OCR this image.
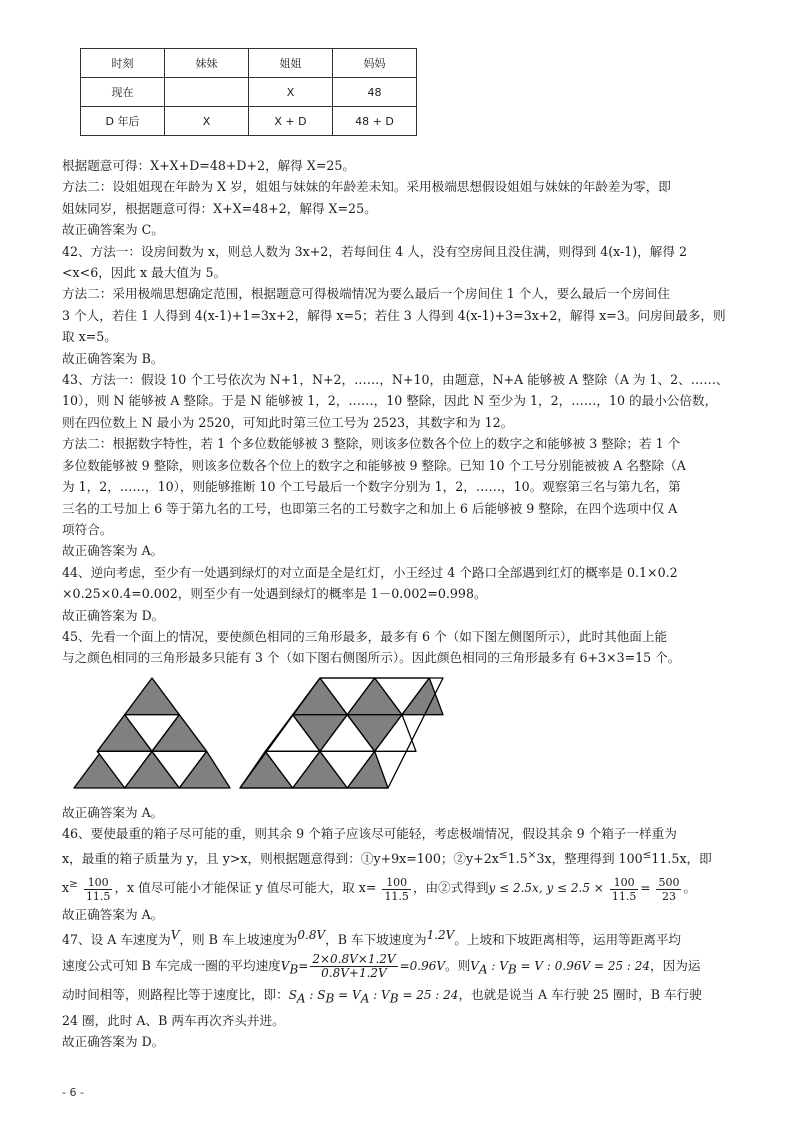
时刻	妹妹	姐姐	妈妈
现在		X	48
D 年后	X	X + D	48 + D

根据题意可得：X+X+D=48+D+2，解得 X=25。

方法二：设姐姐现在年龄为 X 岁，姐姐与妹妹的年龄差未知。采用极端思想假设姐姐与妹妹的年龄差为零，即

姐妹同岁，根据题意可得：X+X=48+2，解得 X=25。

故正确答案为 C。

42、方法一：设房间数为 x，则总人数为 3x+2，若每间住 4 人，没有空房间且没住满，则得到 4(x-1)，解得 2

<x<6，因此 x 最大值为 5。

方法二：采用极端思想确定范围，根据题意可得极端情况为要么最后一个房间住 1 个人，要么最后一个房间住

3 个人，若住 1 人得到 4(x-1)+1=3x+2，解得 x=5；若住 3 人得到 4(x-1)+3=3x+2，解得 x=3。问房间最多，则

取 x=5。

故正确答案为 B。

43、方法一：假设 10 个工号依次为 N+1，N+2，……，N+10，由题意，N+A 能够被 A 整除（A 为 1、2、……、

10），则 N 能够被 A 整除。于是 N 能够被 1，2，……，10 整除，因此 N 至少为 1，2，……，10 的最小公倍数，

则在四位数上 N 最小为 2520，可知此时第三位工号为 2523，其数字和为 12。

方法二：根据数字特性，若 1 个多位数能够被 3 整除，则该多位数各个位上的数字之和能够被 3 整除；若 1 个

多位数能够被 9 整除，则该多位数各个位上的数字之和能够被 9 整除。已知 10 个工号分别能被被 A 名整除（A

为 1，2，……，10），则能够推断 10 个工号最后一个数字分别为 1，2，……，10。观察第三名与第九名，第

三名的工号加上 6 等于第九名的工号，也即第三名的工号数字之和加上 6 后能够被 9 整除，在四个选项中仅 A

项符合。

故正确答案为 A。

44、逆向考虑，至少有一处遇到绿灯的对立面是全是红灯，小王经过 4 个路口全部遇到红灯的概率是 0.1×0.2

×0.25×0.4=0.002，则至少有一处遇到绿灯的概率是 1－0.002=0.998。

故正确答案为 D。

45、先看一个面上的情况，要使颜色相同的三角形最多，最多有 6 个（如下图左侧图所示），此时其他面上能

与之颜色相同的三角形最多只能有 3 个（如下图右侧图所示）。因此颜色相同的三角形最多有 6+3×3=15 个。

故正确答案为 A。

46、要使最重的箱子尽可能的重，则其余 9 个箱子应该尽可能轻，考虑极端情况，假设其余 9 个箱子一样重为

x，最重的箱子质量为 y，且 y>x，则根据题意得到：①y+9x=100；②y+2x≤1.5×3x，整理得到 100≤11.5x，即

$x^\ge \frac{100}{11.5}$ ，x 值尽可能小才能保证 y 值尽可能大，取 $x= \frac{100}{11.5}$ ，由②式得到y ≤ 2.5x, $y \le 2.5 \times \frac{100}{11.5} = \frac{500}{23}$ 。

故正确答案为 A。

47、设 A 车速度为$^V$，则 B 车上坡速度为$^{0.8V}$，B 车下坡速度为$^{1.2V}$。上坡和下坡距离相等，运用等距离平均

速度公式可知 B 车完成一圈的平均速度$V_B= \frac{2\times 0.8V\times 1.2V}{0.8V+1.2V} =0.96V$。则$V_A$ : $V_B = V$ : 0.96V = 25 : 24，因为运

动时间相等，则路程比等于速度比，即：$S_A$ : $S_B = V_A$ : $V_B = 25$ : 24，也就是说当 A 车行驶 25 圈时，B 车行驶

24 圈，此时 A、B 两车再次齐头并进。

故正确答案为 D。

- 6 -
